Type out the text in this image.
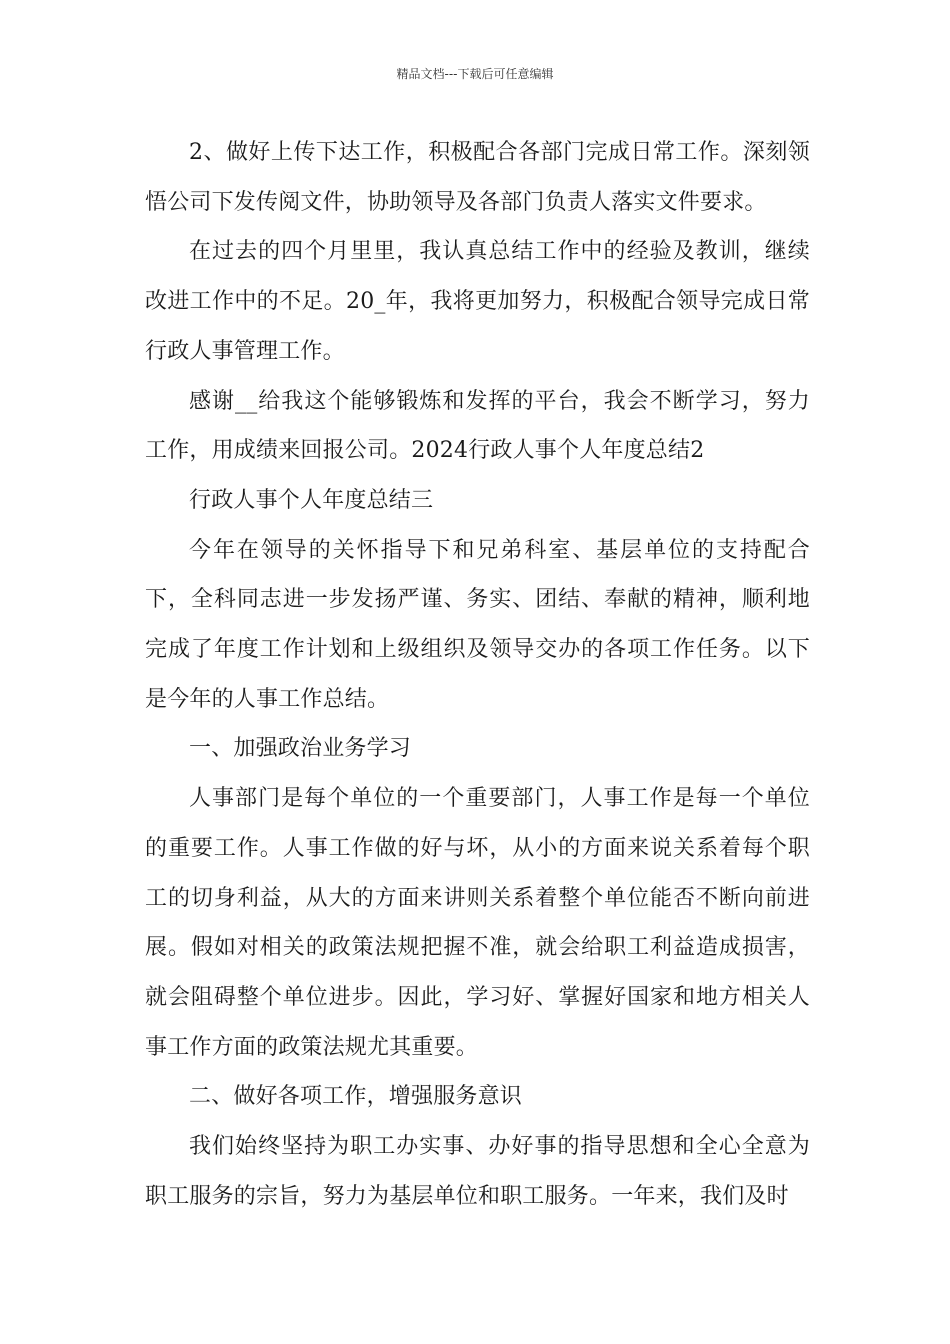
精品文档---下载后可任意编辑

2、做好上传下达工作，积极配合各部门完成日常工作。深刻领悟公司下发传阅文件，协助领导及各部门负责人落实文件要求。

在过去的四个月里里，我认真总结工作中的经验及教训，继续改进工作中的不足。20_年，我将更加努力，积极配合领导完成日常行政人事管理工作。

感谢__给我这个能够锻炼和发挥的平台，我会不断学习，努力工作，用成绩来回报公司。2024行政人事个人年度总结2

行政人事个人年度总结三

今年在领导的关怀指导下和兄弟科室、基层单位的支持配合下，全科同志进一步发扬严谨、务实、团结、奉献的精神，顺利地完成了年度工作计划和上级组织及领导交办的各项工作任务。以下是今年的人事工作总结。

一、加强政治业务学习

人事部门是每个单位的一个重要部门，人事工作是每一个单位的重要工作。人事工作做的好与坏，从小的方面来说关系着每个职工的切身利益，从大的方面来讲则关系着整个单位能否不断向前进展。假如对相关的政策法规把握不准，就会给职工利益造成损害，就会阻碍整个单位进步。因此，学习好、掌握好国家和地方相关人事工作方面的政策法规尤其重要。

二、做好各项工作，增强服务意识

我们始终坚持为职工办实事、办好事的指导思想和全心全意为职工服务的宗旨，努力为基层单位和职工服务。一年来，我们及时
